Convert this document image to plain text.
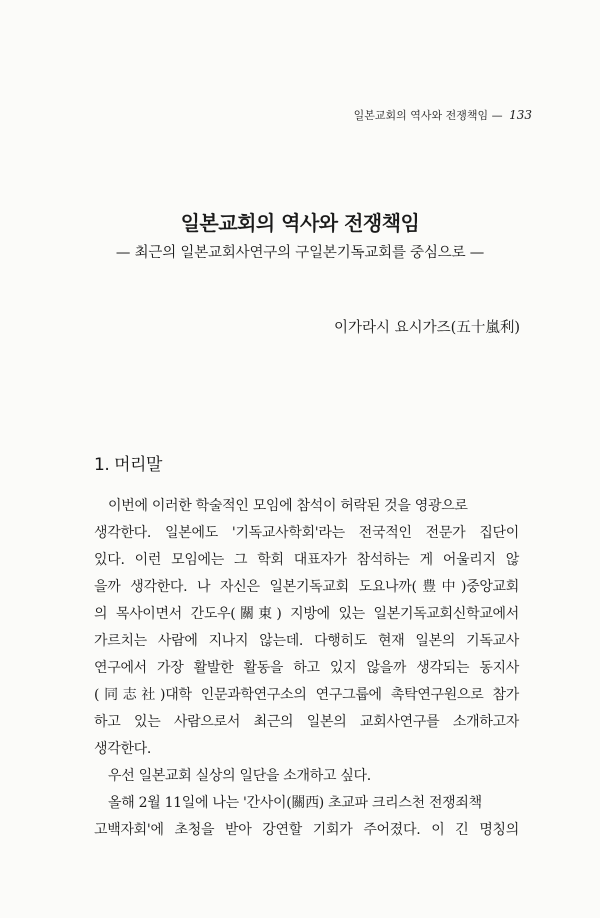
일본교회의 역사와 전쟁책임 — 133
일본교회의 역사와 전쟁책임
— 최근의 일본교회사연구의 구일본기독교회를 중심으로 —
이가라시 요시가즈(五十嵐利)
1. 머리말
이번에 이러한 학술적인 모임에 참석이 허락된 것을 영광으로
생각한다. 일본에도 '기독교사학회'라는 전국적인 전문가 집단이
있다. 이런 모임에는 그 학회 대표자가 참석하는 게 어울리지 않
을까 생각한다. 나 자신은 일본기독교회 도요나까(豊中)중앙교회
의 목사이면서 간도우(關東) 지방에 있는 일본기독교회신학교에서
가르치는 사람에 지나지 않는데. 다행히도 현재 일본의 기독교사
연구에서 가장 활발한 활동을 하고 있지 않을까 생각되는 동지사
(同志社)대학 인문과학연구소의 연구그룹에 촉탁연구원으로 참가
하고 있는 사람으로서 최근의 일본의 교회사연구를 소개하고자
생각한다.
우선 일본교회 실상의 일단을 소개하고 싶다.
올해 2월 11일에 나는 '간사이(關西) 초교파 크리스천 전쟁죄책
고백자회'에 초청을 받아 강연할 기회가 주어졌다. 이 긴 명칭의
